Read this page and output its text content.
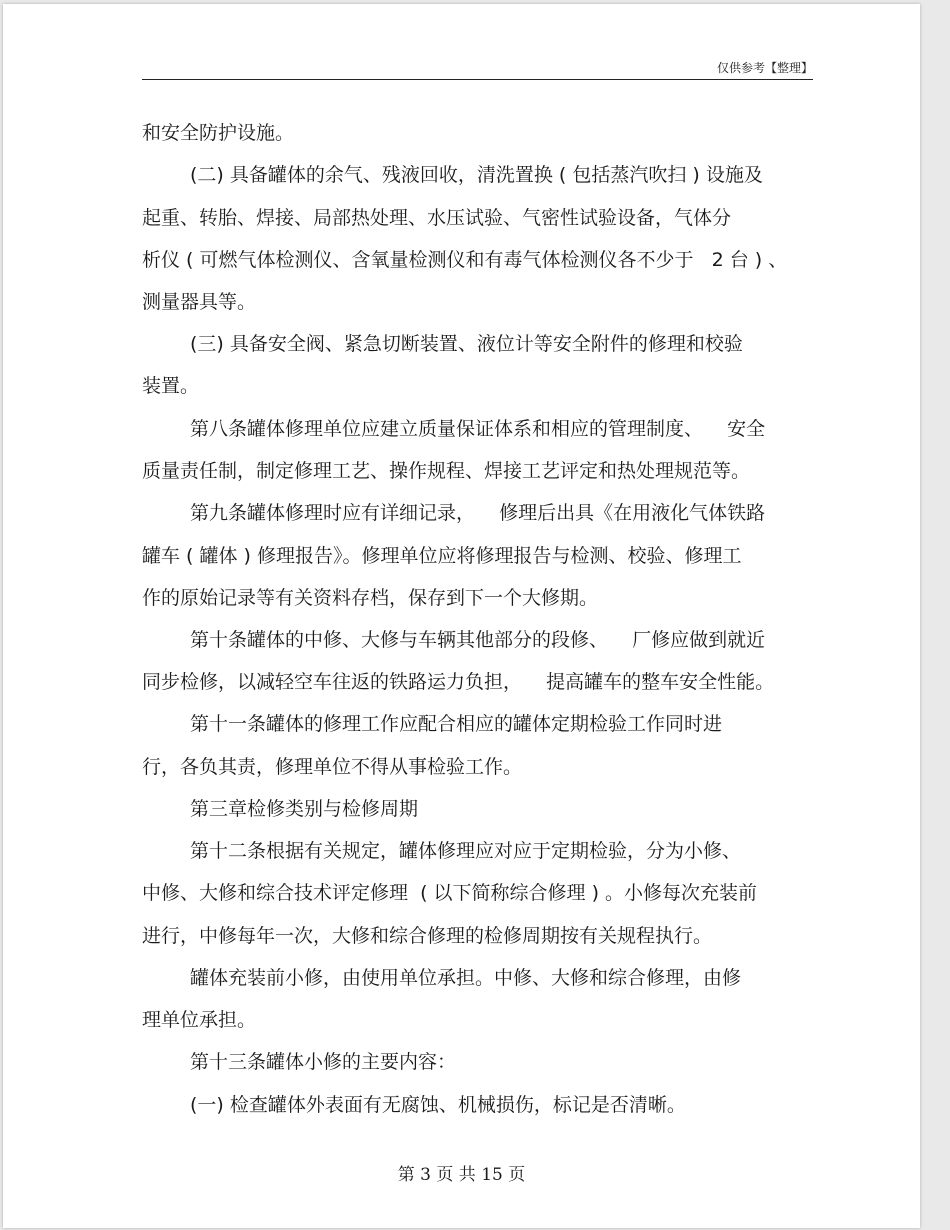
仅供参考【整理】
和安全防护设施。
(二) 具备罐体的余气、残液回收，清洗置换 ( 包括蒸汽吹扫 ) 设施及
起重、转胎、焊接、局部热处理、水压试验、气密性试验设备，气体分
析仪 ( 可燃气体检测仪、含氧量检测仪和有毒气体检测仪各不少于   2 台 ) 、
测量器具等。
(三) 具备安全阀、紧急切断装置、液位计等安全附件的修理和校验
装置。
第八条罐体修理单位应建立质量保证体系和相应的管理制度、    安全
质量责任制，制定修理工艺、操作规程、焊接工艺评定和热处理规范等。
第九条罐体修理时应有详细记录，    修理后出具《在用液化气体铁路
罐车 ( 罐体 ) 修理报告》。修理单位应将修理报告与检测、校验、修理工
作的原始记录等有关资料存档，保存到下一个大修期。
第十条罐体的中修、大修与车辆其他部分的段修、    厂修应做到就近
同步检修，以减轻空车往返的铁路运力负担，    提高罐车的整车安全性能。
第十一条罐体的修理工作应配合相应的罐体定期检验工作同时进
行，各负其责，修理单位不得从事检验工作。
第三章检修类别与检修周期
第十二条根据有关规定，罐体修理应对应于定期检验，分为小修、
中修、大修和综合技术评定修理  ( 以下简称综合修理 ) 。小修每次充装前
进行，中修每年一次，大修和综合修理的检修周期按有关规程执行。
罐体充装前小修，由使用单位承担。中修、大修和综合修理，由修
理单位承担。
第十三条罐体小修的主要内容：
(一) 检查罐体外表面有无腐蚀、机械损伤，标记是否清晰。
第 3 页 共 15 页
